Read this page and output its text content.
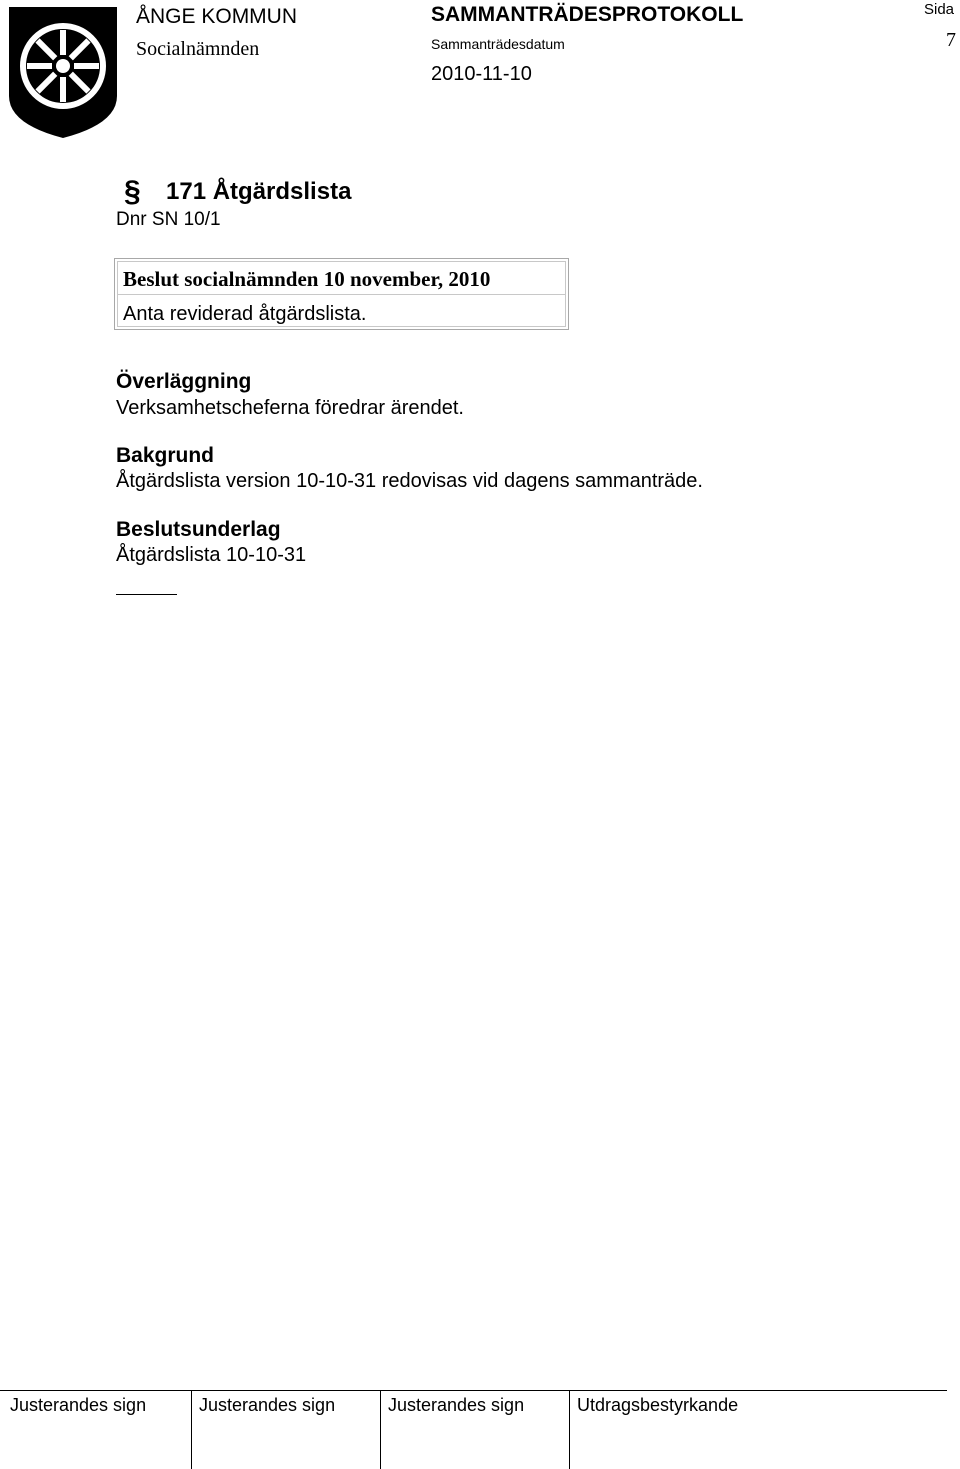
ÅNGE KOMMUN
Socialnämnden
SAMMANTRÄDESPROTOKOLL
Sammanträdesdatum
2010-11-10
Sida
7
§ 171 Åtgärdslista
Dnr SN 10/1
Beslut socialnämnden 10 november, 2010
Anta reviderad åtgärdslista.
Överläggning
Verksamhetscheferna föredrar ärendet.
Bakgrund
Åtgärdslista version 10-10-31 redovisas vid dagens sammanträde.
Beslutsunderlag
Åtgärdslista 10-10-31
Justerandes sign	Justerandes sign	Justerandes sign	Utdragsbestyrkande
